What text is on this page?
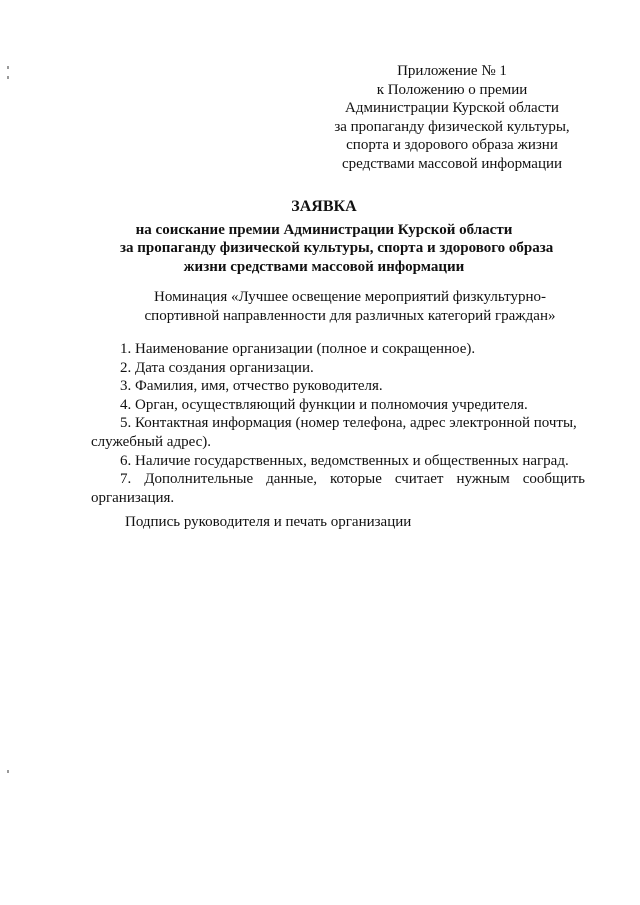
Приложение № 1
к Положению о премии
Администрации Курской области
за пропаганду физической культуры,
спорта и здорового образа жизни
средствами массовой информации
ЗАЯВКА
на соискание премии Администрации Курской области
за пропаганду физической культуры, спорта и здорового образа
жизни средствами массовой информации
Номинация «Лучшее освещение мероприятий физкультурно-
спортивной направленности для различных категорий граждан»
1. Наименование организации (полное и сокращенное).
2. Дата создания организации.
3. Фамилия, имя, отчество руководителя.
4. Орган, осуществляющий функции и полномочия учредителя.
5. Контактная информация (номер телефона, адрес электронной почты,
служебный адрес).
6. Наличие государственных, ведомственных и общественных наград.
7. Дополнительные данные, которые считает нужным сообщить
организация.
Подпись руководителя и печать организации
